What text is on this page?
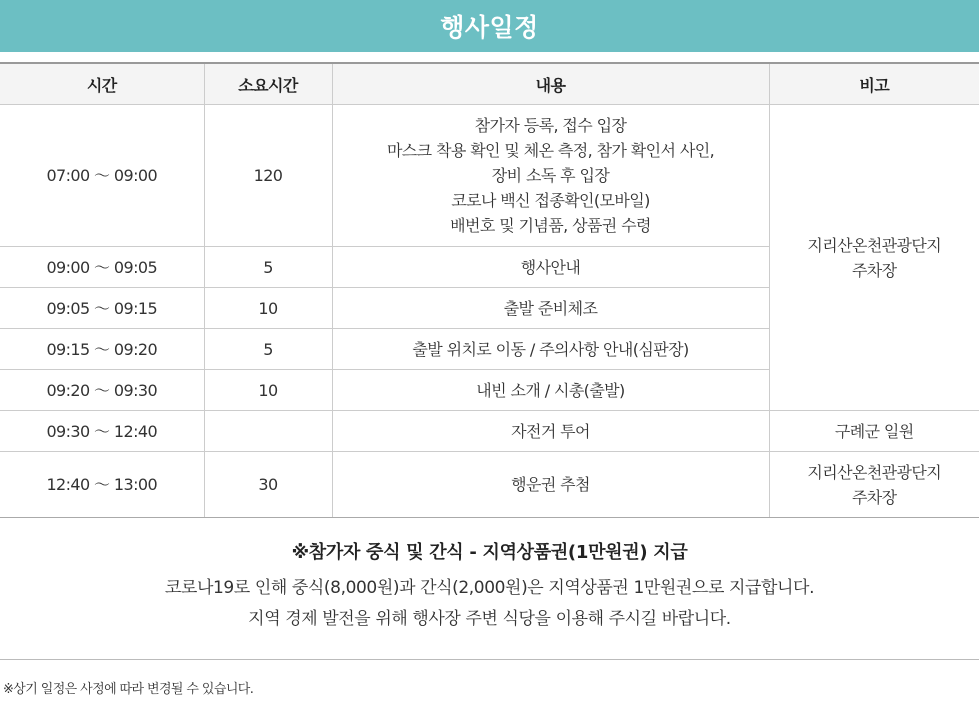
행사일정
시간	소요시간	내용	비고
07:00 ～ 09:00	120	참가자 등록, 접수 입장
마스크 착용 확인 및 체온 측정, 참가 확인서 사인,
장비 소독 후 입장
코로나 백신 접종확인(모바일)
배번호 및 기념품, 상품권 수령	지리산온천관광단지
주차장

09:00 ～ 09:05	5	행사안내	
09:05 ～ 09:15	10	출발 준비체조	
09:15 ～ 09:20	5	출발 위치로 이동 / 주의사항 안내(심판장)	
09:20 ～ 09:30	10	내빈 소개 / 시총(출발)	
09:30 ～ 12:40		자전거 투어	구례군 일원
12:40 ～ 13:00	30	행운권 추첨	지리산온천관광단지
주차장
※참가자 중식 및 간식 - 지역상품권(1만원권) 지급
코로나19로 인해 중식(8,000원)과 간식(2,000원)은 지역상품권 1만원권으로 지급합니다.
지역 경제 발전을 위해 행사장 주변 식당을 이용해 주시길 바랍니다.
※상기 일정은 사정에 따라 변경될 수 있습니다.
